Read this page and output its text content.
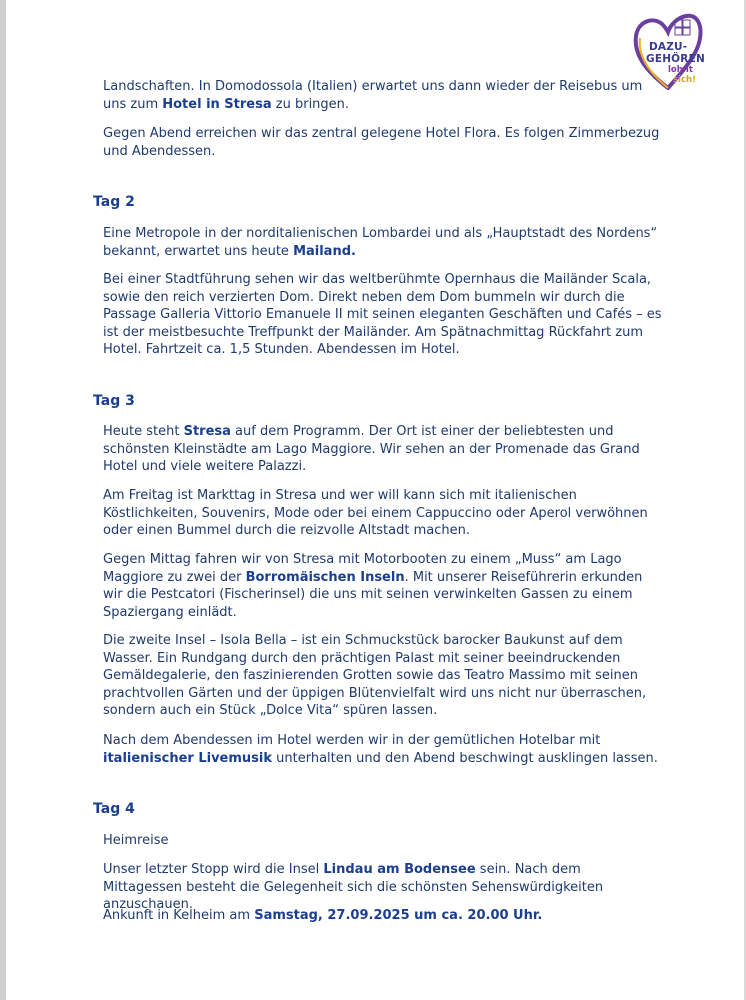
DAZU-
GEHÖREN
lohnt
sich!

Landschaften. In Domodossola (Italien) erwartet uns dann wieder der Reisebus um uns zum Hotel in Stresa zu bringen.

Gegen Abend erreichen wir das zentral gelegene Hotel Flora. Es folgen Zimmerbezug und Abendessen.

Tag 2

Eine Metropole in der norditalienischen Lombardei und als „Hauptstadt des Nordens“ bekannt, erwartet uns heute Mailand.

Bei einer Stadtführung sehen wir das weltberühmte Opernhaus die Mailänder Scala, sowie den reich verzierten Dom. Direkt neben dem Dom bummeln wir durch die Passage Galleria Vittorio Emanuele II mit seinen eleganten Geschäften und Cafés – es ist der meistbesuchte Treffpunkt der Mailänder. Am Spätnachmittag Rückfahrt zum Hotel. Fahrtzeit ca. 1,5 Stunden. Abendessen im Hotel.

Tag 3

Heute steht Stresa auf dem Programm. Der Ort ist einer der beliebtesten und schönsten Kleinstädte am Lago Maggiore. Wir sehen an der Promenade das Grand Hotel und viele weitere Palazzi.

Am Freitag ist Markttag in Stresa und wer will kann sich mit italienischen Köstlichkeiten, Souvenirs, Mode oder bei einem Cappuccino oder Aperol verwöhnen oder einen Bummel durch die reizvolle Altstadt machen.

Gegen Mittag fahren wir von Stresa mit Motorbooten zu einem „Muss“ am Lago Maggiore zu zwei der Borromäischen Inseln. Mit unserer Reiseführerin erkunden wir die Pestcatori (Fischerinsel) die uns mit seinen verwinkelten Gassen zu einem Spaziergang einlädt.

Die zweite Insel – Isola Bella – ist ein Schmuckstück barocker Baukunst auf dem Wasser. Ein Rundgang durch den prächtigen Palast mit seiner beeindruckenden Gemäldegalerie, den faszinierenden Grotten sowie das Teatro Massimo mit seinen prachtvollen Gärten und der üppigen Blütenvielfalt wird uns nicht nur überraschen, sondern auch ein Stück „Dolce Vita“ spüren lassen.

Nach dem Abendessen im Hotel werden wir in der gemütlichen Hotelbar mit italienischer Livemusik unterhalten und den Abend beschwingt ausklingen lassen.

Tag 4

Heimreise

Unser letzter Stopp wird die Insel Lindau am Bodensee sein. Nach dem Mittagessen besteht die Gelegenheit sich die schönsten Sehenswürdigkeiten anzuschauen.

Ankunft in Kelheim am Samstag, 27.09.2025 um ca. 20.00 Uhr.
